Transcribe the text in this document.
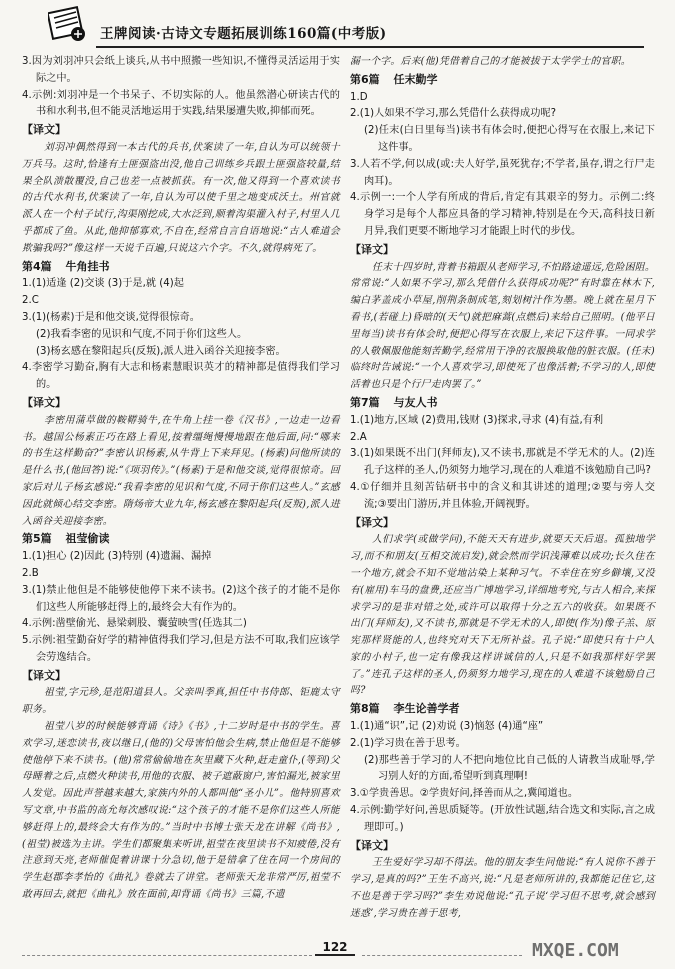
王牌阅读·古诗文专题拓展训练160篇(中考版)

3.因为刘羽冲只会纸上谈兵,从书中照搬一些知识,不懂得灵活运用于实际之中。

4.示例:刘羽冲是一个书呆子、不切实际的人。他虽然潜心研读古代的书和水利书,但不能灵活地运用于实践,结果屡遭失败,抑郁而死。

【译文】

刘羽冲偶然得到一本古代的兵书,伏案读了一年,自认为可以统领十万兵马。这时,恰逢有土匪强盗出没,他自己训练乡兵跟土匪强盗较量,结果全队溃散覆没,自己也差一点被抓获。有一次,他又得到一个喜欢读书的古代水利书,伏案读了一年,自认为可以使千里之地变成沃土。州官就派人在一个村子试行,沟渠刚挖成,大水泛到,顺着沟渠灌入村子,村里人几乎都成了鱼。从此,他抑郁寡欢,不自在,经常自言自语地说:“古人难道会欺骗我吗?”像这样一天说千百遍,只说这六个字。不久,就得病死了。

第4篇 牛角挂书

1.(1)适逢 (2)交谈 (3)于是,就 (4)起

2.C

3.(1)(杨素)于是和他交谈,觉得很惊奇。

(2)我看李密的见识和气度,不同于你们这些人。

(3)杨玄感在黎阳起兵(反叛),派人进入函谷关迎接李密。

4.李密学习勤奋,胸有大志和杨素慧眼识英才的精神都是值得我们学习的。

【译文】

李密用蒲草做的鞍鞯骑牛,在牛角上挂一卷《汉书》,一边走一边看书。越国公杨素正巧在路上看见,按着缰绳慢慢地跟在他后面,问:“哪来的书生这样勤奋?”李密认识杨素,从牛背上下来拜见。(杨素)问他所读的是什么书,(他回答)说:“《项羽传》。”(杨素)于是和他交谈,觉得很惊奇。回家后对儿子杨玄感说:“我看李密的见识和气度,不同于你们这些人。”玄感因此就倾心结交李密。隋炀帝大业九年,杨玄感在黎阳起兵(反叛),派人进入函谷关迎接李密。

第5篇 祖莹偷读

1.(1)担心 (2)因此 (3)特别 (4)遗漏、漏掉

2.B

3.(1)禁止他但是不能够使他停下来不读书。(2)这个孩子的才能不是你们这些人所能够赶得上的,最终会大有作为的。

4.示例:凿壁偷光、悬梁刺股、囊萤映雪(任选其二)

5.示例:祖莹勤奋好学的精神值得我们学习,但是方法不可取,我们应该学会劳逸结合。

【译文】

祖莹,字元珍,是范阳道县人。父亲叫季真,担任中书侍郎、钜鹿太守职务。

祖莹八岁的时候能够背诵《诗》《书》,十二岁时是中书的学生。喜欢学习,迷恋读书,夜以继日,(他的)父母害怕他会生病,禁止他但是不能够使他停下来不读书。(他)常常偷偷地在灰里藏下火种,赶走童仆,(等到)父母睡着之后,点燃火种读书,用他的衣服、被子遮蔽窗户,害怕漏光,被家里人发觉。因此声誉越来越大,家族内外的人都叫他“圣小儿”。他特别喜欢写文章,中书监的高允每次感叹说:“这个孩子的才能不是你们这些人所能够赶得上的,最终会大有作为的。”当时中书博士张天龙在讲解《尚书》,(祖莹)被选为主讲。学生们都聚集来听讲,祖莹在夜里读书不知疲倦,没有注意到天亮,老师催促着讲课十分急切,他于是错拿了住在同一个房间的学生赵郡李孝怡的《曲礼》卷就去了讲堂。老师张天龙非常严厉,祖莹不敢再回去,就把《曲礼》放在面前,却背诵《尚书》三篇,不遗

漏一个字。后来(他)凭借着自己的才能被拔于太学学士的官职。

第6篇 任末勤学

1.D

2.(1)人如果不学习,那么凭借什么获得成功呢?

(2)任末(白日里每当)读书有体会时,便把心得写在衣服上,来记下这件事。

3.人若不学,何以成(或:夫人好学,虽死犹存;不学者,虽存,谓之行尸走肉耳)。

4.示例一:一个人学有所成的背后,肯定有其艰辛的努力。示例二:终身学习是每个人都应具备的学习精神,特别是在今天,高科技日新月异,我们更要不断地学习才能跟上时代的步伐。

【译文】

任末十四岁时,背着书箱跟从老师学习,不怕路途遥远,危险困阻。常常说:“人如果不学习,那么凭借什么获得成功呢?”有时靠在林木下,编白茅盖成小草屋,削荆条制成笔,刻划树汁作为墨。晚上就在星月下看书,(若碰上)昏暗的(天气)就把麻蒿(点燃后)来给自己照明。(他平日里每当)读书有体会时,便把心得写在衣服上,来记下这件事。一同求学的人敬佩服他能刻苦勤学,经常用干净的衣服换取他的脏衣服。(任末)临终时告诫说:“一个人喜欢学习,即使死了也像活着;不学习的人,即使活着也只是个行尸走肉罢了。”

第7篇 与友人书

1.(1)地方,区域 (2)费用,钱财 (3)探求,寻求 (4)有益,有利

2.A

3.(1)如果既不出门(拜师友),又不读书,那就是不学无术的人。(2)连孔子这样的圣人,仍须努力地学习,现在的人难道不该勉励自己吗?

4.①仔细并且刻苦钻研书中的含义和其讲述的道理;②要与旁人交流;③要出门游历,并且体验,开阔视野。

【译文】

人们求学(或做学问),不能天天有进步,就要天天后退。孤独地学习,而不和朋友(互相交流启发),就会然而学识浅薄难以成功;长久住在一个地方,就会不知不觉地沾染上某种习气。不幸住在穷乡僻壤,又没有(雇用)车马的盘费,还应当广博地学习,详细地考究,与古人相合,来探求学习的是非对错之处,或许可以取得十分之五六的收获。如果既不出门(拜师友),又不读书,那就是不学无术的人,即使(作为)像子羔、原宪那样贤能的人,也终究对天下无所补益。孔子说:“即使只有十户人家的小村子,也一定有像我这样讲诚信的人,只是不如我那样好学罢了。”连孔子这样的圣人,仍须努力地学习,现在的人难道不该勉励自己吗?

第8篇 李生论善学者

1.(1)通“识”,记 (2)劝说 (3)恼怒 (4)通“座”

2.(1)学习贵在善于思考。

(2)那些善于学习的人不把向地位比自己低的人请教当成耻辱,学习别人好的方面,希望听到真理啊!

3.①学贵善思。②学贵好问,择善而从之,冀闻道也。

4.示例:勤学好问,善思质疑等。(开放性试题,结合选文和实际,言之成理即可。)

【译文】

王生爱好学习却不得法。他的朋友李生问他说:“有人说你不善于学习,是真的吗?”王生不高兴,说:“凡是老师所讲的,我都能记住它,这不也是善于学习吗?”李生劝说他说:“孔子说‘学习但不思考,就会感到迷惑’,学习贵在善于思考,

122	MXQE.COM
